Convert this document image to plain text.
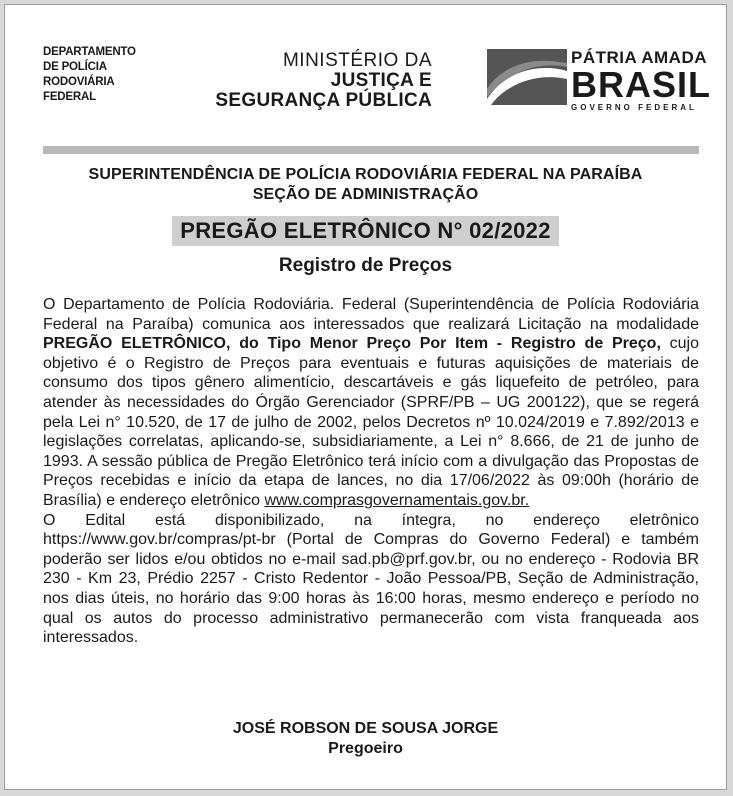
DEPARTAMENTO
DE POLÍCIA
RODOVIÁRIA
FEDERAL
MINISTÉRIO DA
JUSTIÇA E
SEGURANÇA PÚBLICA
PÁTRIA AMADA
BRASIL
GOVERNO FEDERAL
SUPERINTENDÊNCIA DE POLÍCIA RODOVIÁRIA FEDERAL NA PARAÍBA
SEÇÃO DE ADMINISTRAÇÃO
PREGÃO ELETRÔNICO N° 02/2022
Registro de Preços

O Departamento de Polícia Rodoviária. Federal (Superintendência de Polícia Rodoviária Federal na Paraíba) comunica aos interessados que realizará Licitação na modalidade PREGÃO ELETRÔNICO, do Tipo Menor Preço Por Item - Registro de Preço, cujo objetivo é o Registro de Preços para eventuais e futuras aquisições de materiais de consumo dos tipos gênero alimentício, descartáveis e gás liquefeito de petróleo, para atender às necessidades do Órgão Gerenciador (SPRF/PB – UG 200122), que se regerá pela Lei n° 10.520, de 17 de julho de 2002, pelos Decretos nº 10.024/2019 e 7.892/2013 e legislações correlatas, aplicando-se, subsidiariamente, a Lei n° 8.666, de 21 de junho de 1993. A sessão pública de Pregão Eletrônico terá início com a divulgação das Propostas de Preços recebidas e início da etapa de lances, no dia 17/06/2022 às 09:00h (horário de Brasília) e endereço eletrônico www.comprasgovernamentais.gov.br.

O Edital está disponibilizado, na íntegra, no endereço eletrônico https://www.gov.br/compras/pt-br (Portal de Compras do Governo Federal) e também poderão ser lidos e/ou obtidos no e-mail sad.pb@prf.gov.br, ou no endereço - Rodovia BR 230 - Km 23, Prédio 2257 - Cristo Redentor - João Pessoa/PB, Seção de Administração, nos dias úteis, no horário das 9:00 horas às 16:00 horas, mesmo endereço e período no qual os autos do processo administrativo permanecerão com vista franqueada aos interessados.

JOSÉ ROBSON DE SOUSA JORGE
Pregoeiro
